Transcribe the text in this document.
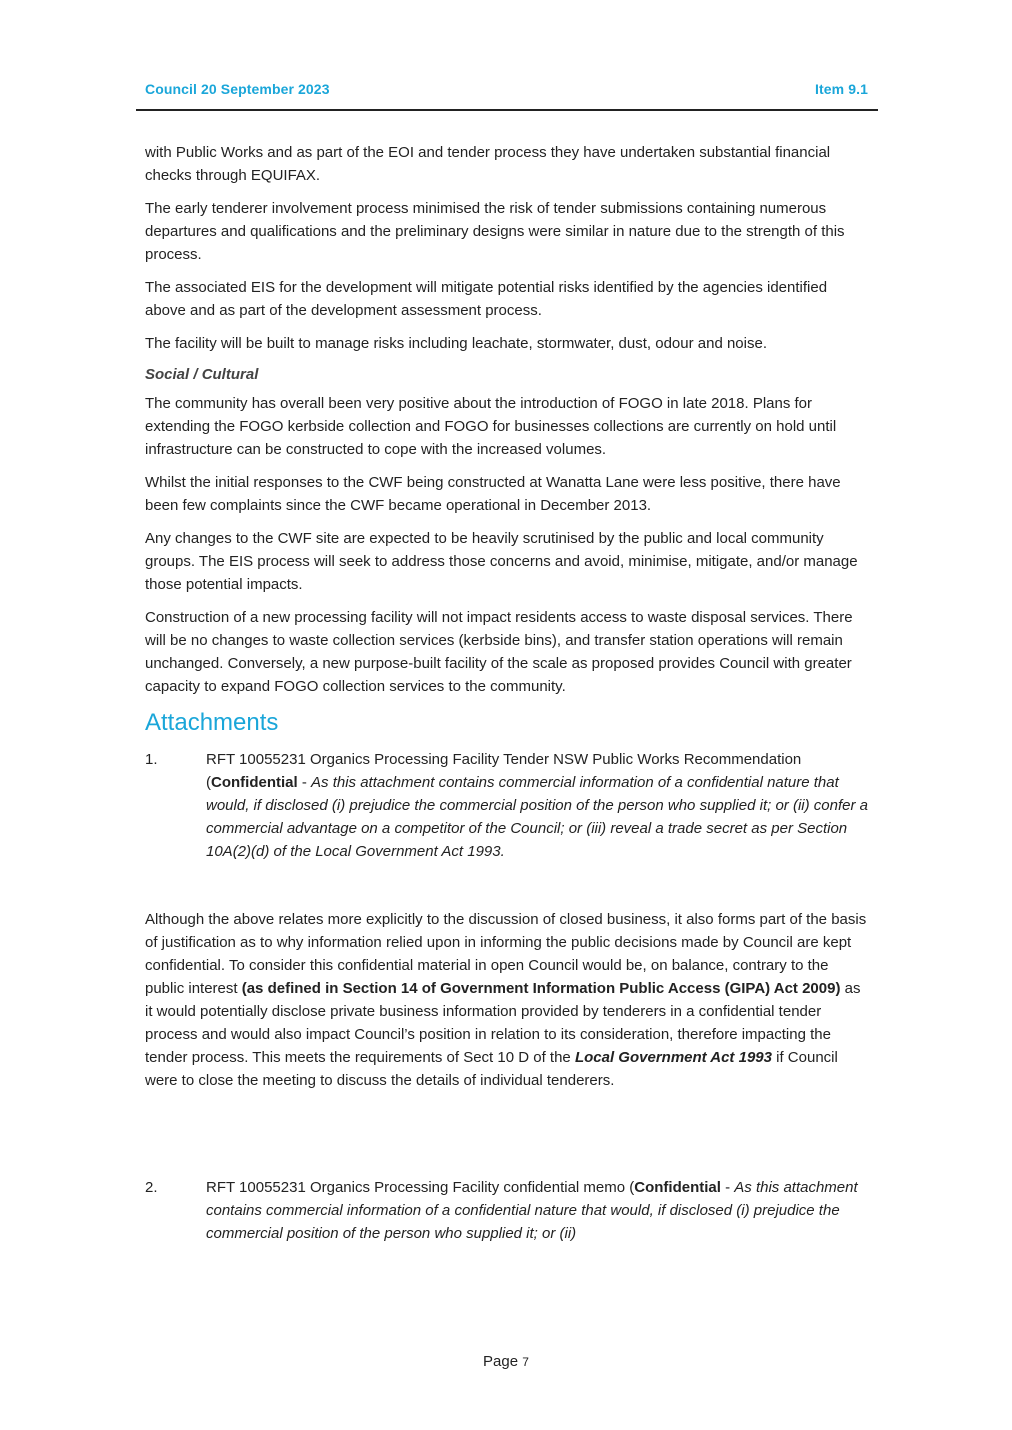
Council 20 September 2023	Item 9.1

with Public Works and as part of the EOI and tender process they have undertaken substantial financial checks through EQUIFAX.

The early tenderer involvement process minimised the risk of tender submissions containing numerous departures and qualifications and the preliminary designs were similar in nature due to the strength of this process.

The associated EIS for the development will mitigate potential risks identified by the agencies identified above and as part of the development assessment process.

The facility will be built to manage risks including leachate, stormwater, dust, odour and noise.

Social / Cultural

The community has overall been very positive about the introduction of FOGO in late 2018. Plans for extending the FOGO kerbside collection and FOGO for businesses collections are currently on hold until infrastructure can be constructed to cope with the increased volumes.

Whilst the initial responses to the CWF being constructed at Wanatta Lane were less positive, there have been few complaints since the CWF became operational in December 2013.

Any changes to the CWF site are expected to be heavily scrutinised by the public and local community groups. The EIS process will seek to address those concerns and avoid, minimise, mitigate, and/or manage those potential impacts.

Construction of a new processing facility will not impact residents access to waste disposal services. There will be no changes to waste collection services (kerbside bins), and transfer station operations will remain unchanged. Conversely, a new purpose-built facility of the scale as proposed provides Council with greater capacity to expand FOGO collection services to the community.

Attachments
1.	RFT 10055231 Organics Processing Facility Tender NSW Public Works Recommendation (Confidential - As this attachment contains commercial information of a confidential nature that would, if disclosed (i) prejudice the commercial position of the person who supplied it; or (ii) confer a commercial advantage on a competitor of the Council; or (iii) reveal a trade secret as per Section 10A(2)(d) of the Local Government Act 1993.

Although the above relates more explicitly to the discussion of closed business, it also forms part of the basis of justification as to why information relied upon in informing the public decisions made by Council are kept confidential. To consider this confidential material in open Council would be, on balance, contrary to the public interest (as defined in Section 14 of Government Information Public Access (GIPA) Act 2009) as it would potentially disclose private business information provided by tenderers in a confidential tender process and would also impact Council’s position in relation to its consideration, therefore impacting the tender process. This meets the requirements of Sect 10 D of the Local Government Act 1993 if Council were to close the meeting to discuss the details of individual tenderers.

2.	RFT 10055231 Organics Processing Facility confidential memo (Confidential - As this attachment contains commercial information of a confidential nature that would, if disclosed (i) prejudice the commercial position of the person who supplied it; or (ii)
Page 7
